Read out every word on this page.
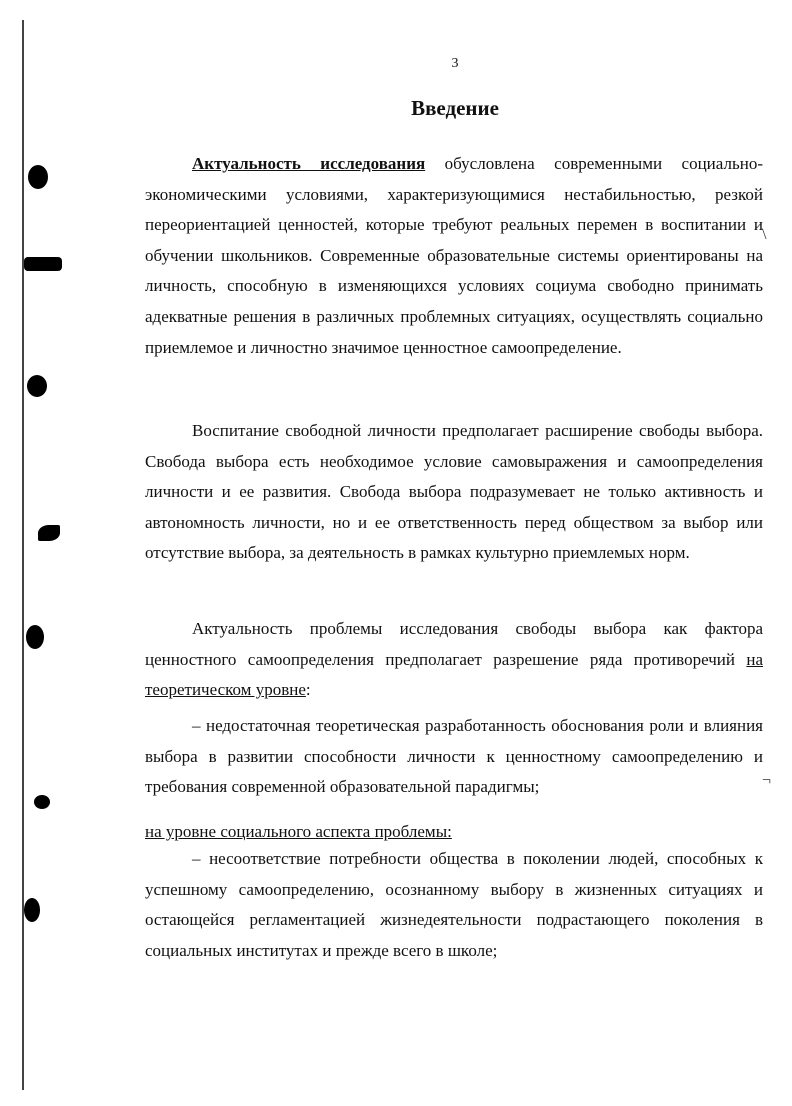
\
¬
3
Введение
Актуальность исследования обусловлена современными социально-экономическими условиями, характеризующимися нестабильностью, резкой переориентацией ценностей, которые требуют реальных перемен в воспитании и обучении школьников. Современные образовательные системы ориентированы на личность, способную в изменяющихся условиях социума свободно принимать адекватные решения в различных проблемных ситуациях, осуществлять социально приемлемое и личностно значимое ценностное самоопределение.
Воспитание свободной личности предполагает расширение свободы выбора. Свобода выбора есть необходимое условие самовыражения и самоопределения личности и ее развития. Свобода выбора подразумевает не только активность и автономность личности, но и ее ответственность перед обществом за выбор или отсутствие выбора, за деятельность в рамках культурно приемлемых норм.
Актуальность проблемы исследования свободы выбора как фактора ценностного самоопределения предполагает разрешение ряда противоречий на теоретическом уровне:
– недостаточная теоретическая разработанность обоснования роли и влияния выбора в развитии способности личности к ценностному самоопределению и требования современной образовательной парадигмы;
на уровне социального аспекта проблемы:
– несоответствие потребности общества в поколении людей, способных к успешному самоопределению, осознанному выбору в жизненных ситуациях и остающейся регламентацией жизнедеятельности подрастающего поколения в социальных институтах и прежде всего в школе;
